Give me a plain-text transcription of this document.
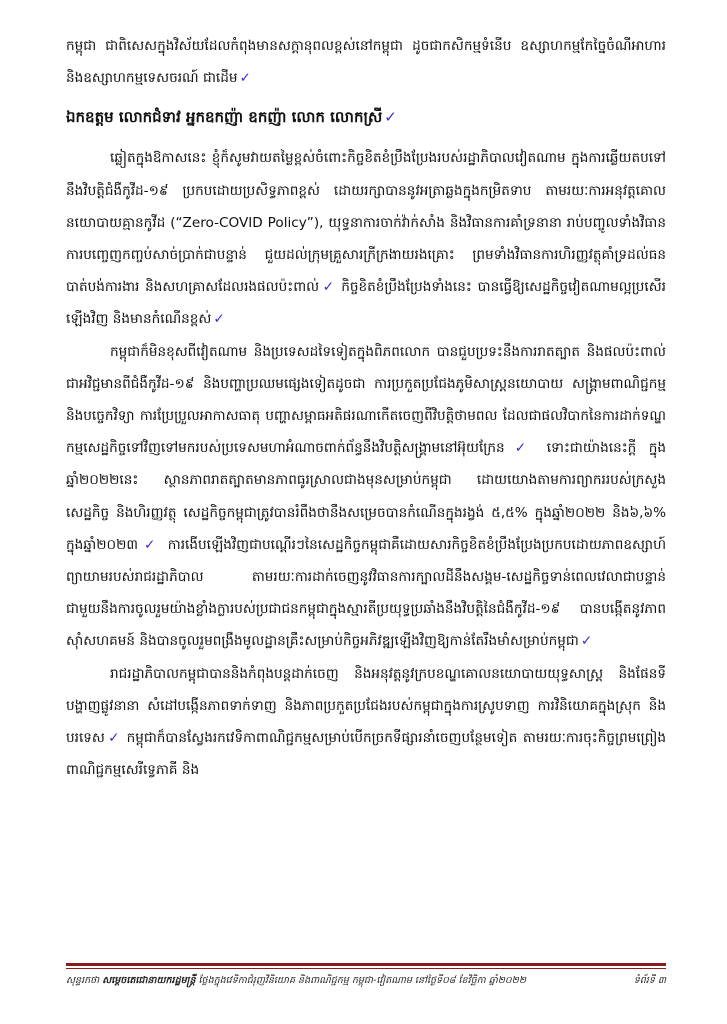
កម្ពុជា ជាពិសេសក្នុងវិស័យដែលកំពុងមានសក្តានុពលខ្ពស់នៅកម្ពុជា ដូចជាកសិកម្មទំនើប ឧស្សាហកម្មកែច្នៃចំណីអាហារ និងឧស្សាហកម្មទេសចរណ៍ ជាដើម ✓

ឯកឧត្តម លោកជំទាវ អ្នកឧកញ៉ា ឧកញ៉ា លោក លោកស្រី ✓

ឆ្លៀតក្នុងឱកាសនេះ ខ្ញុំក៏សូមវាយតម្លៃខ្ពស់ចំពោះកិច្ចខិតខំប្រឹងប្រែងរបស់រដ្ឋាភិបាលវៀតណាម ក្នុងការឆ្លើយតបទៅនឹងវិបត្តិជំងឺកូវីដ-១៩ ប្រកបដោយប្រសិទ្ធភាពខ្ពស់ ដោយរក្សាបាននូវអត្រាឆ្លងក្នុងកម្រិតទាប តាមរយៈការអនុវត្តគោលនយោបាយគ្មានកូវីដ (“Zero-COVID Policy”), យុទ្ធនាការចាក់វ៉ាក់សាំង និងវិធានការគាំទ្រនានា រាប់បញ្ចូលទាំងវិធានការបញ្ចេញកញ្ចប់សាច់ប្រាក់ជាបន្ទាន់ ជួយដល់ក្រុមគ្រួសារក្រីក្រងាយរងគ្រោះ ព្រមទាំងវិធានការហិរញ្ញវត្ថុគាំទ្រដល់ធនបាត់បង់ការងារ និងសហគ្រាសដែលរងផលប៉ះពាល់ ✓ កិច្ចខិតខំប្រឹងប្រែងទាំងនេះ បានធ្វើឱ្យសេដ្ឋកិច្ចវៀតណាមល្អប្រសើរឡើងវិញ និងមានកំណើនខ្ពស់ ✓

កម្ពុជាក៏មិនខុសពីវៀតណាម និងប្រទេសដទៃទៀតក្នុងពិភពលោក បានជួបប្រទះនឹងការរាតត្បាត និងផលប៉ះពាល់ជាអវិជ្ជមានពីជំងឺកូវីដ-១៩ និងបញ្ហាប្រឈមផ្សេងទៀតដូចជា ការប្រកួតប្រជែងភូមិសាស្ត្រនយោបាយ សង្គ្រាមពាណិជ្ជកម្ម និងបច្ចេកវិទ្យា ការប្រែប្រួលអាកាសធាតុ បញ្ហាសម្ពាធអតិផរណាកើតចេញពីវិបត្តិថាមពល ដែលជាផលវិបាកនៃការដាក់ទណ្ឌកម្មសេដ្ឋកិច្ចទៅវិញទៅមករបស់ប្រទេសមហាអំណាចពាក់ព័ន្ធនឹងវិបត្តិសង្គ្រាមនៅអ៊ុយក្រែន ✓ ទោះជាយ៉ាងនេះក្តី ក្នុងឆ្នាំ២០២២នេះ ស្ថានភាពរាតត្បាតមានភាពធូរស្រាលជាងមុនសម្រាប់កម្ពុជា ដោយយោងតាមការព្យាកររបស់ក្រសួងសេដ្ឋកិច្ច និងហិរញ្ញវត្ថុ សេដ្ឋកិច្ចកម្ពុជាត្រូវបានរំពឹងថានឹងសម្រេចបានកំណើនក្នុងរង្វង់ ៥,៥% ក្នុងឆ្នាំ២០២២ និង៦,៦% ក្នុងឆ្នាំ២០២៣ ✓ ការងើបឡើងវិញជាបណ្តើរៗនៃសេដ្ឋកិច្ចកម្ពុជាគឺដោយសារកិច្ចខិតខំប្រឹងប្រែងប្រកបដោយភាពឧស្សាហ៍ព្យាយាមរបស់រាជរដ្ឋាភិបាល តាមរយៈការដាក់ចេញនូវវិធានការក្បាលដីនឹងសង្គម-សេដ្ឋកិច្ចទាន់ពេលវេលាជាបន្ទាន់ ជាមួយនឹងការចូលរួមយ៉ាងខ្លាំងក្លារបស់ប្រជាជនកម្ពុជាក្នុងស្មារតីប្រយុទ្ធប្រឆាំងនឹងវិបត្តិនៃជំងឺកូវីដ-១៩ បានបង្កើតនូវភាពស៊ាំសហគមន៍ និងបានចូលរួមពង្រឹងមូលដ្ឋានគ្រឹះសម្រាប់កិច្ចអភិវឌ្ឍឡើងវិញឱ្យកាន់តែរឹងមាំសម្រាប់កម្ពុជា ✓

រាជរដ្ឋាភិបាលកម្ពុជាបាននិងកំពុងបន្តដាក់ចេញ និងអនុវត្តនូវក្របខណ្ឌគោលនយោបាយយុទ្ធសាស្ត្រ និងផែនទីបង្ហាញផ្លូវនានា សំដៅបង្កើនភាពទាក់ទាញ និងភាពប្រកួតប្រជែងរបស់កម្ពុជាក្នុងការស្រូបទាញ ការវិនិយោគក្នុងស្រុក និងបរទេស ✓ កម្ពុជាក៏បានស្វែងរកវេទិកាពាណិជ្ជកម្មសម្រាប់បើកច្រកទីផ្សារនាំចេញបន្ថែមទៀត តាមរយៈការចុះកិច្ចព្រមព្រៀងពាណិជ្ជកម្មសេរីទ្វេភាគី និង

សុន្ទរកថា សម្តេចតេជោនាយករដ្ឋមន្ត្រី ថ្លែងក្នុងវេទិកាជំរុញវិនិយោគ និងពាណិជ្ជកម្ម កម្ពុជា-វៀតណាម នៅថ្ងៃទី០៨ ខែវិច្ឆិកា ឆ្នាំ២០២២	ទំព័រទី ៣
